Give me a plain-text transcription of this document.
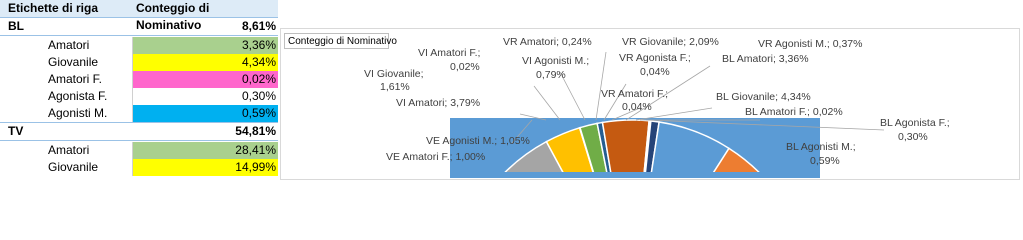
Etichette di riga	Conteggio di Nominativo
BL	8,61%
Amatori	3,36%
Giovanile	4,34%
Amatori F.	0,02%
Agonista F.	0,30%
Agonisti M.	0,59%
TV	54,81%
Amatori	28,41%
Giovanile	14,99%
Conteggio di Nominativo	VR Amatori; 0,24%	VR Giovanile; 2,09%	VR Agonisti M.; 0,37%
VI Amatori F.;
0,02%	VI Agonisti M.;
0,79%
VR Agonista F.;
0,04%
BL Amatori; 3,36%
VI Giovanile;
1,61%
VI Amatori; 3,79%
VR Amatori F.;
0,04%
BL Giovanile; 4,34%
BL Amatori F.; 0,02%
BL Agonista F.;
0,30%
VE Agonisti M.; 1,05%	BL Agonisti M.;
0,59%
VE Amatori F.; 1,00%
